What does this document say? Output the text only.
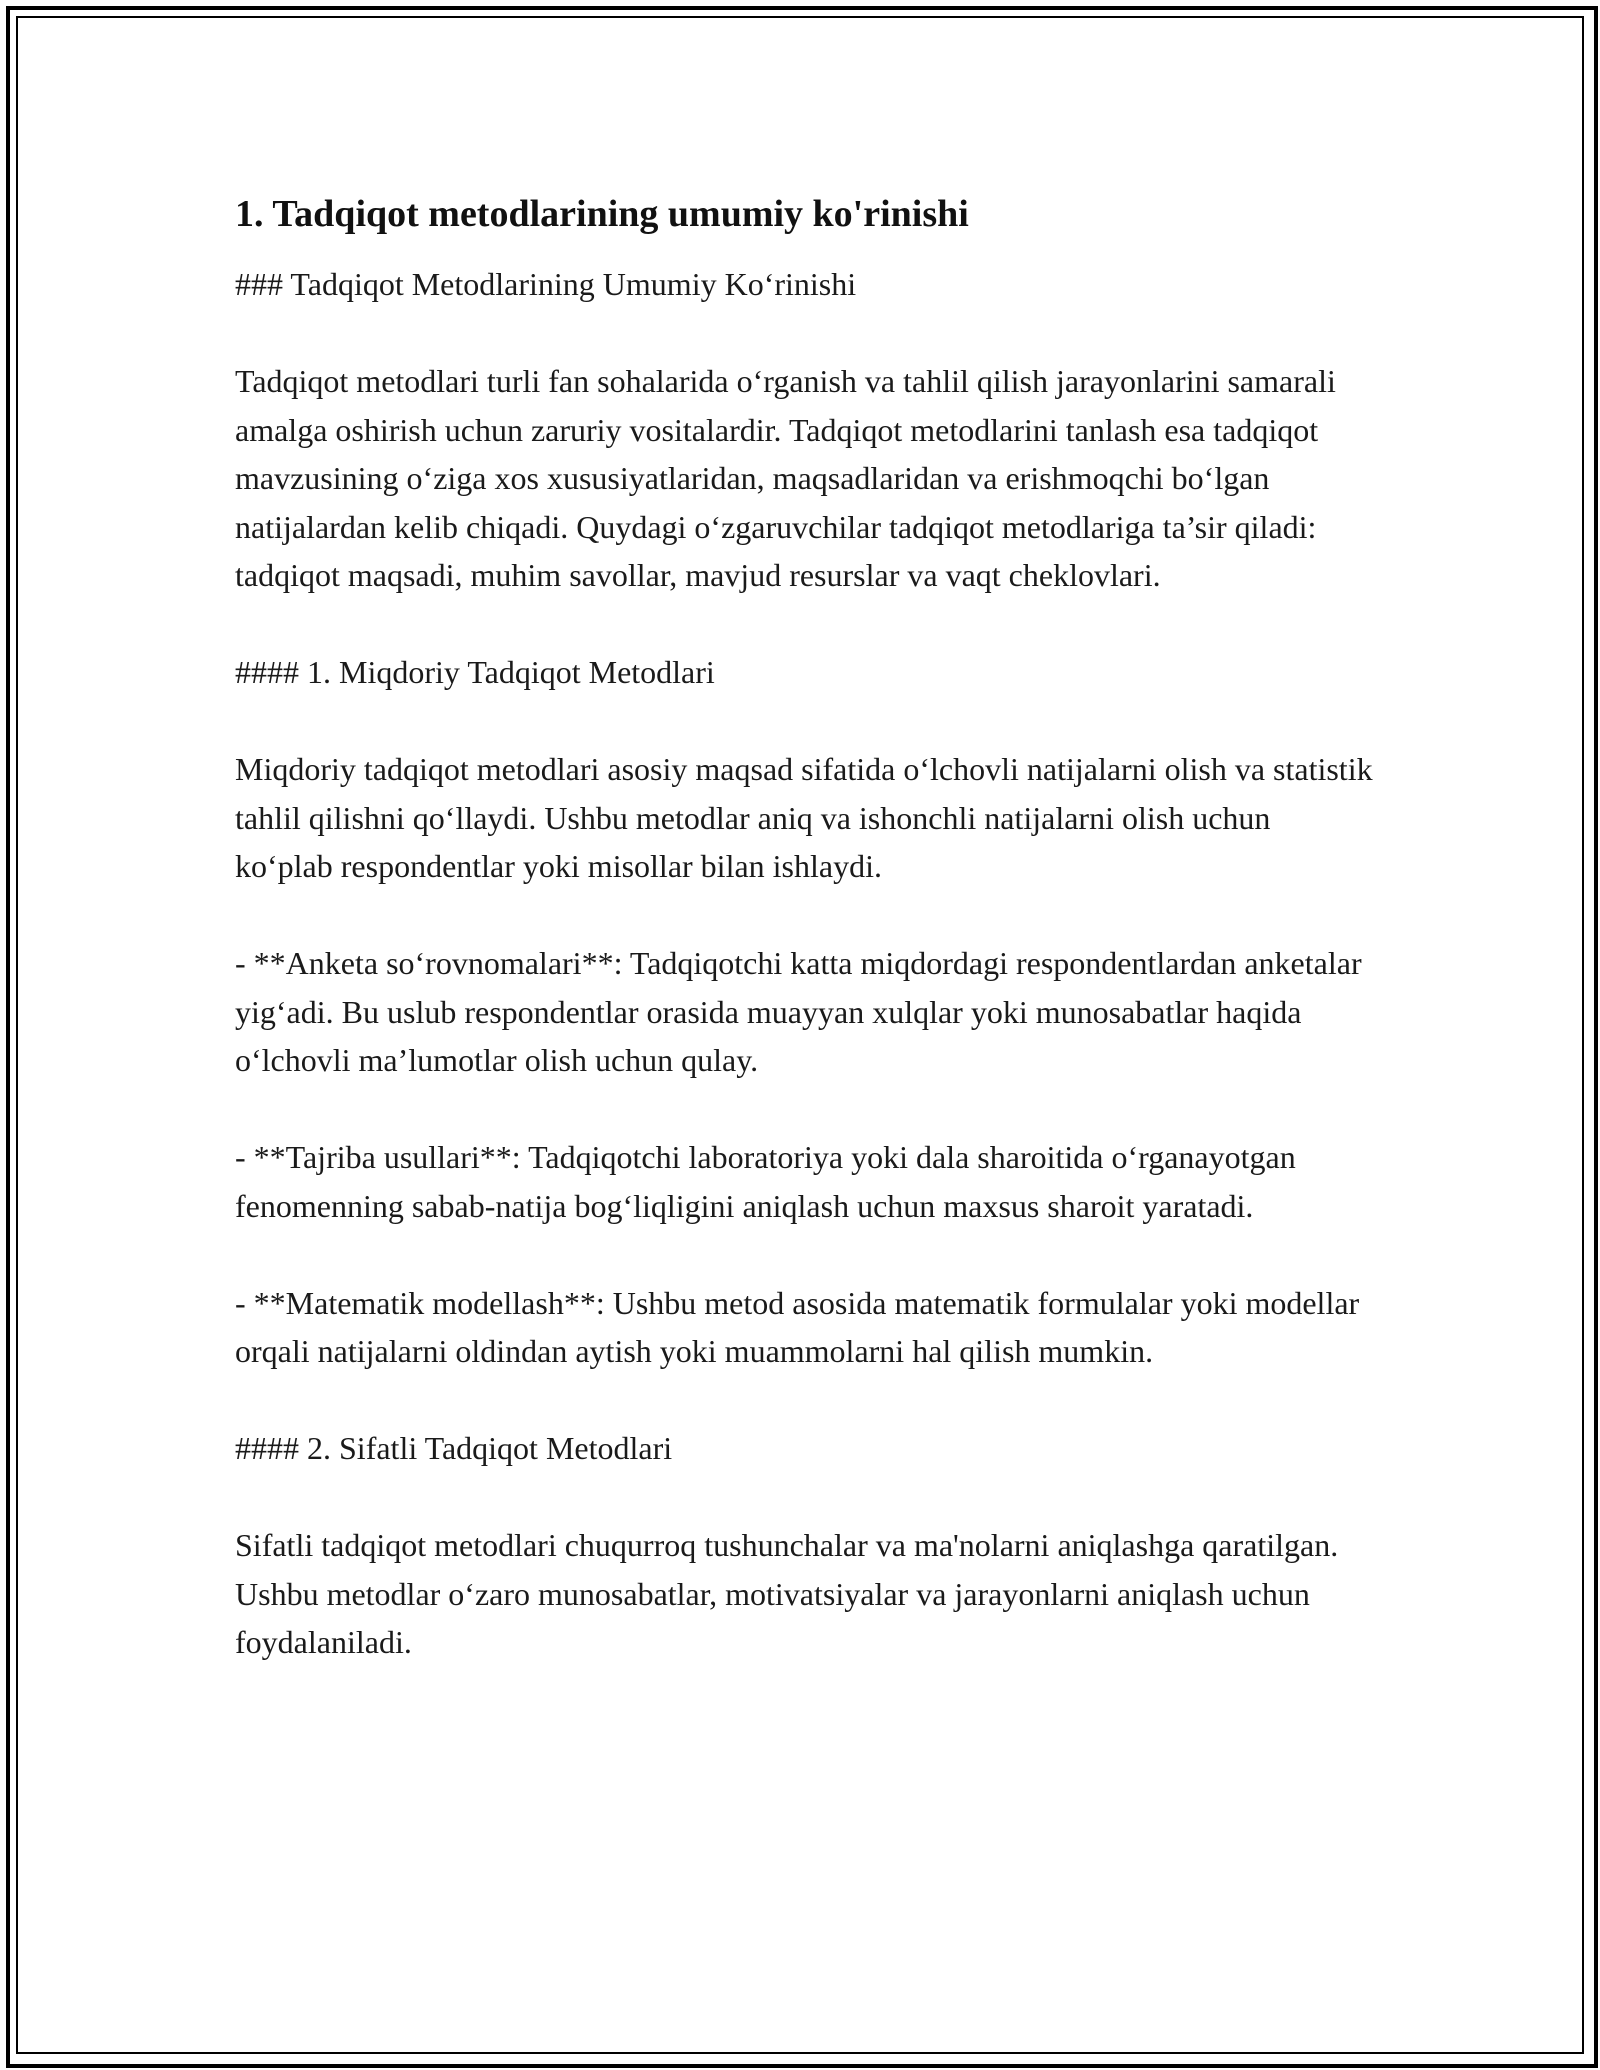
1. Tadqiqot metodlarining umumiy ko'rinishi

### Tadqiqot Metodlarining Umumiy Ko‘rinishi

Tadqiqot metodlari turli fan sohalarida o‘rganish va tahlil qilish jarayonlarini samarali amalga oshirish uchun zaruriy vositalardir. Tadqiqot metodlarini tanlash esa tadqiqot mavzusining o‘ziga xos xususiyatlaridan, maqsadlaridan va erishmoqchi bo‘lgan natijalardan kelib chiqadi. Quydagi o‘zgaruvchilar tadqiqot metodlariga ta’sir qiladi: tadqiqot maqsadi, muhim savollar, mavjud resurslar va vaqt cheklovlari.

#### 1. Miqdoriy Tadqiqot Metodlari

Miqdoriy tadqiqot metodlari asosiy maqsad sifatida o‘lchovli natijalarni olish va statistik tahlil qilishni qo‘llaydi. Ushbu metodlar aniq va ishonchli natijalarni olish uchun ko‘plab respondentlar yoki misollar bilan ishlaydi.

- **Anketa so‘rovnomalari**: Tadqiqotchi katta miqdordagi respondentlardan anketalar yig‘adi. Bu uslub respondentlar orasida muayyan xulqlar yoki munosabatlar haqida o‘lchovli ma’lumotlar olish uchun qulay.

- **Tajriba usullari**: Tadqiqotchi laboratoriya yoki dala sharoitida o‘rganayotgan fenomenning sabab-natija bog‘liqligini aniqlash uchun maxsus sharoit yaratadi.

- **Matematik modellash**: Ushbu metod asosida matematik formulalar yoki modellar orqali natijalarni oldindan aytish yoki muammolarni hal qilish mumkin.

#### 2. Sifatli Tadqiqot Metodlari

Sifatli tadqiqot metodlari chuqurroq tushunchalar va ma'nolarni aniqlashga qaratilgan. Ushbu metodlar o‘zaro munosabatlar, motivatsiyalar va jarayonlarni aniqlash uchun foydalaniladi.
